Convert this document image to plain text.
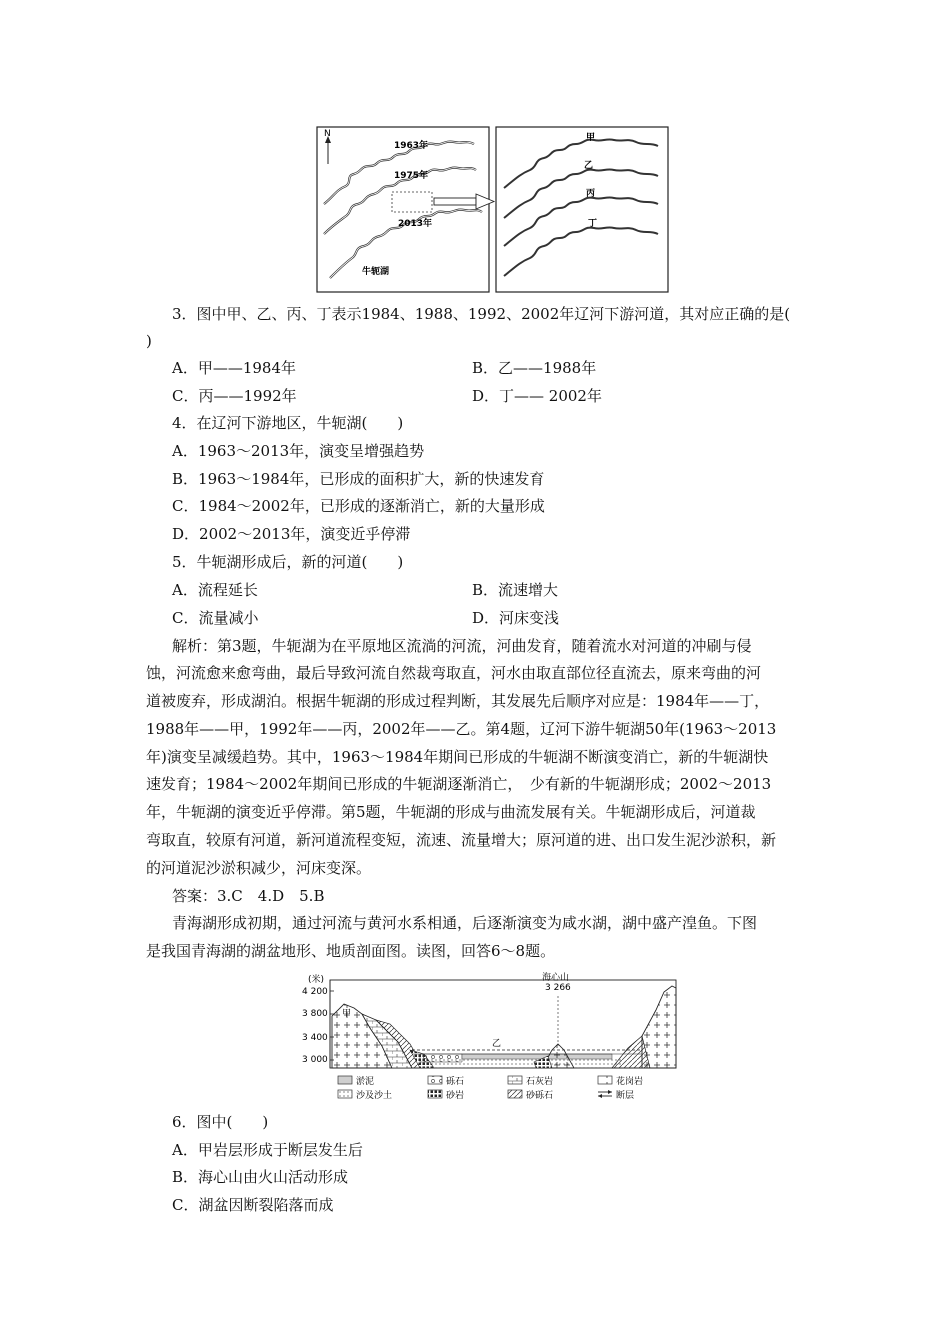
N
1963年
1975年
2013年
牛轭湖
甲
乙
丙
丁
3．图中甲、乙、丙、丁表示1984、1988、1992、2002年辽河下游河道，其对应正确的是(
)
A．甲——1984年	B．乙——1988年
C．丙——1992年	D．丁—— 2002年
4．在辽河下游地区，牛轭湖(　　)
A．1963～2013年，演变呈增强趋势
B．1963～1984年，已形成的面积扩大，新的快速发育
C．1984～2002年，已形成的逐渐消亡，新的大量形成
D．2002～2013年，演变近乎停滞
5．牛轭湖形成后，新的河道(　　)
A．流程延长	B．流速增大
C．流量减小	D．河床变浅
解析：第3题，牛轭湖为在平原地区流淌的河流，河曲发育，随着流水对河道的冲刷与侵
蚀，河流愈来愈弯曲，最后导致河流自然裁弯取直，河水由取直部位径直流去，原来弯曲的河
道被废弃，形成湖泊。根据牛轭湖的形成过程判断，其发展先后顺序对应是：1984年——丁，
1988年——甲，1992年——丙，2002年——乙。第4题，辽河下游牛轭湖50年(1963～2013
年)演变呈减缓趋势。其中，1963～1984年期间已形成的牛轭湖不断演变消亡，新的牛轭湖快
速发育；1984～2002年期间已形成的牛轭湖逐渐消亡，　少有新的牛轭湖形成；2002～2013
年，牛轭湖的演变近乎停滞。第5题，牛轭湖的形成与曲流发展有关。牛轭湖形成后，河道裁
弯取直，较原有河道，新河道流程变短，流速、流量增大；原河道的进、出口发生泥沙淤积，新
的河道泥沙淤积减少，河床变深。
答案：3.C　4.D　5.B
青海湖形成初期，通过河流与黄河水系相通，后逐渐演变为咸水湖，湖中盛产湟鱼。下图
是我国青海湖的湖盆地形、地质剖面图。读图，回答6～8题。
(米)
4 200
3 800
3 400
3 000
甲
乙
海心山
3 266
淤泥	砾石	石灰岩	花岗岩
沙及沙土	砂岩	砂砾石	断层
6．图中(　　)
A．甲岩层形成于断层发生后
B．海心山由火山活动形成
C．湖盆因断裂陷落而成
